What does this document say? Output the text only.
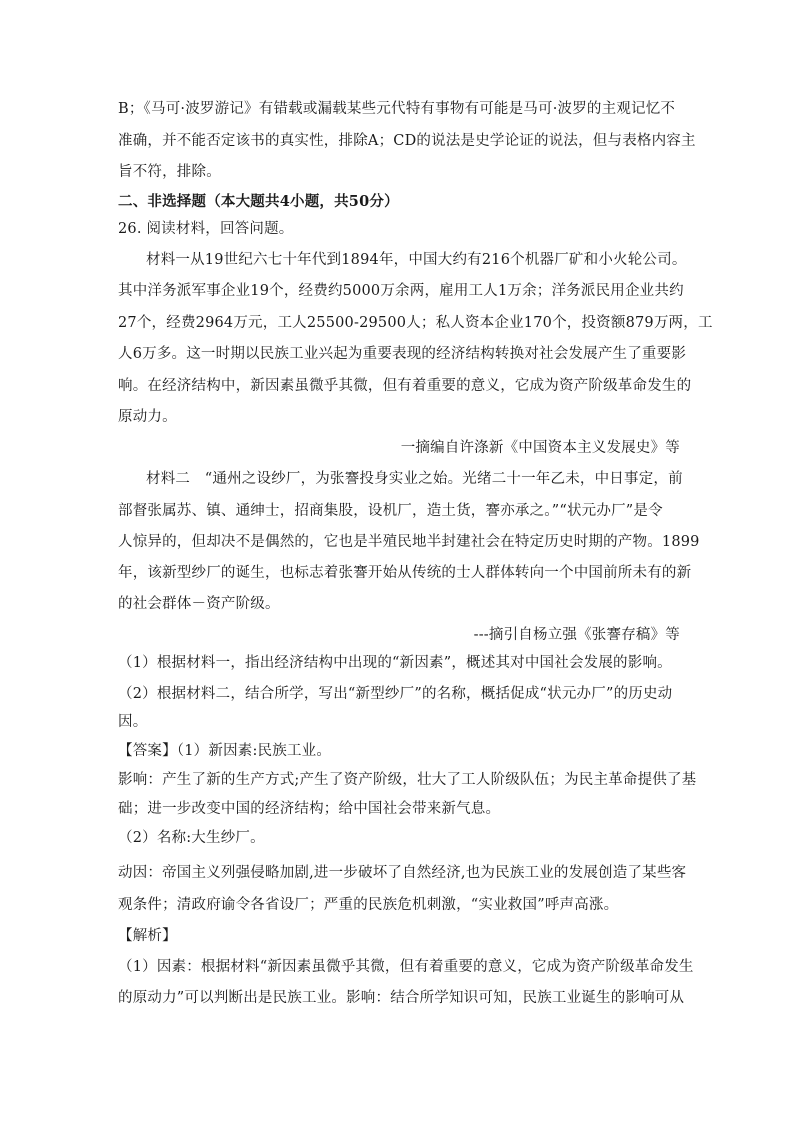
B；《马可·波罗游记》有错载或漏载某些元代特有事物有可能是马可·波罗的主观记忆不
准确，并不能否定该书的真实性，排除A；CD的说法是史学论证的说法，但与表格内容主
旨不符，排除。
二、非选择题（本大题共4小题，共50分）
26. 阅读材料，回答问题。
材料一从19世纪六七十年代到1894年，中国大约有216个机器厂矿和小火轮公司。
其中洋务派军事企业19个，经费约5000万余两，雇用工人1万余；洋务派民用企业共约
27个，经费2964万元，工人25500-29500人；私人资本企业170个，投资额879万两，工
人6万多。这一时期以民族工业兴起为重要表现的经济结构转换对社会发展产生了重要影
响。在经济结构中，新因素虽微乎其微，但有着重要的意义，它成为资产阶级革命发生的
原动力。
一摘编自许涤新《中国资本主义发展史》等
材料二　“通州之设纱厂，为张謇投身实业之始。光绪二十一年乙未，中日事定，前
部督张属苏、镇、通绅士，招商集股，设机厂，造土货，謇亦承之。”“状元办厂”是令
人惊异的，但却决不是偶然的，它也是半殖民地半封建社会在特定历史时期的产物。1899
年，该新型纱厂的诞生，也标志着张謇开始从传统的士人群体转向一个中国前所未有的新
的社会群体－资产阶级。
---摘引自杨立强《张謇存稿》等
（1）根据材料一，指出经济结构中出现的“新因素”，概述其对中国社会发展的影响。
（2）根据材料二，结合所学，写出“新型纱厂”的名称，概括促成“状元办厂”的历史动
因。
【答案】（1）新因素:民族工业。
影响：产生了新的生产方式;产生了资产阶级，壮大了工人阶级队伍；为民主革命提供了基
础；进一步改变中国的经济结构；给中国社会带来新气息。
（2）名称:大生纱厂。
动因：帝国主义列强侵略加剧,进一步破坏了自然经济,也为民族工业的发展创造了某些客
观条件；清政府谕令各省设厂；严重的民族危机刺激，“实业救国”呼声高涨。
【解析】
（1）因素：根据材料“新因素虽微乎其微，但有着重要的意义，它成为资产阶级革命发生
的原动力”可以判断出是民族工业。影响：结合所学知识可知，民族工业诞生的影响可从
